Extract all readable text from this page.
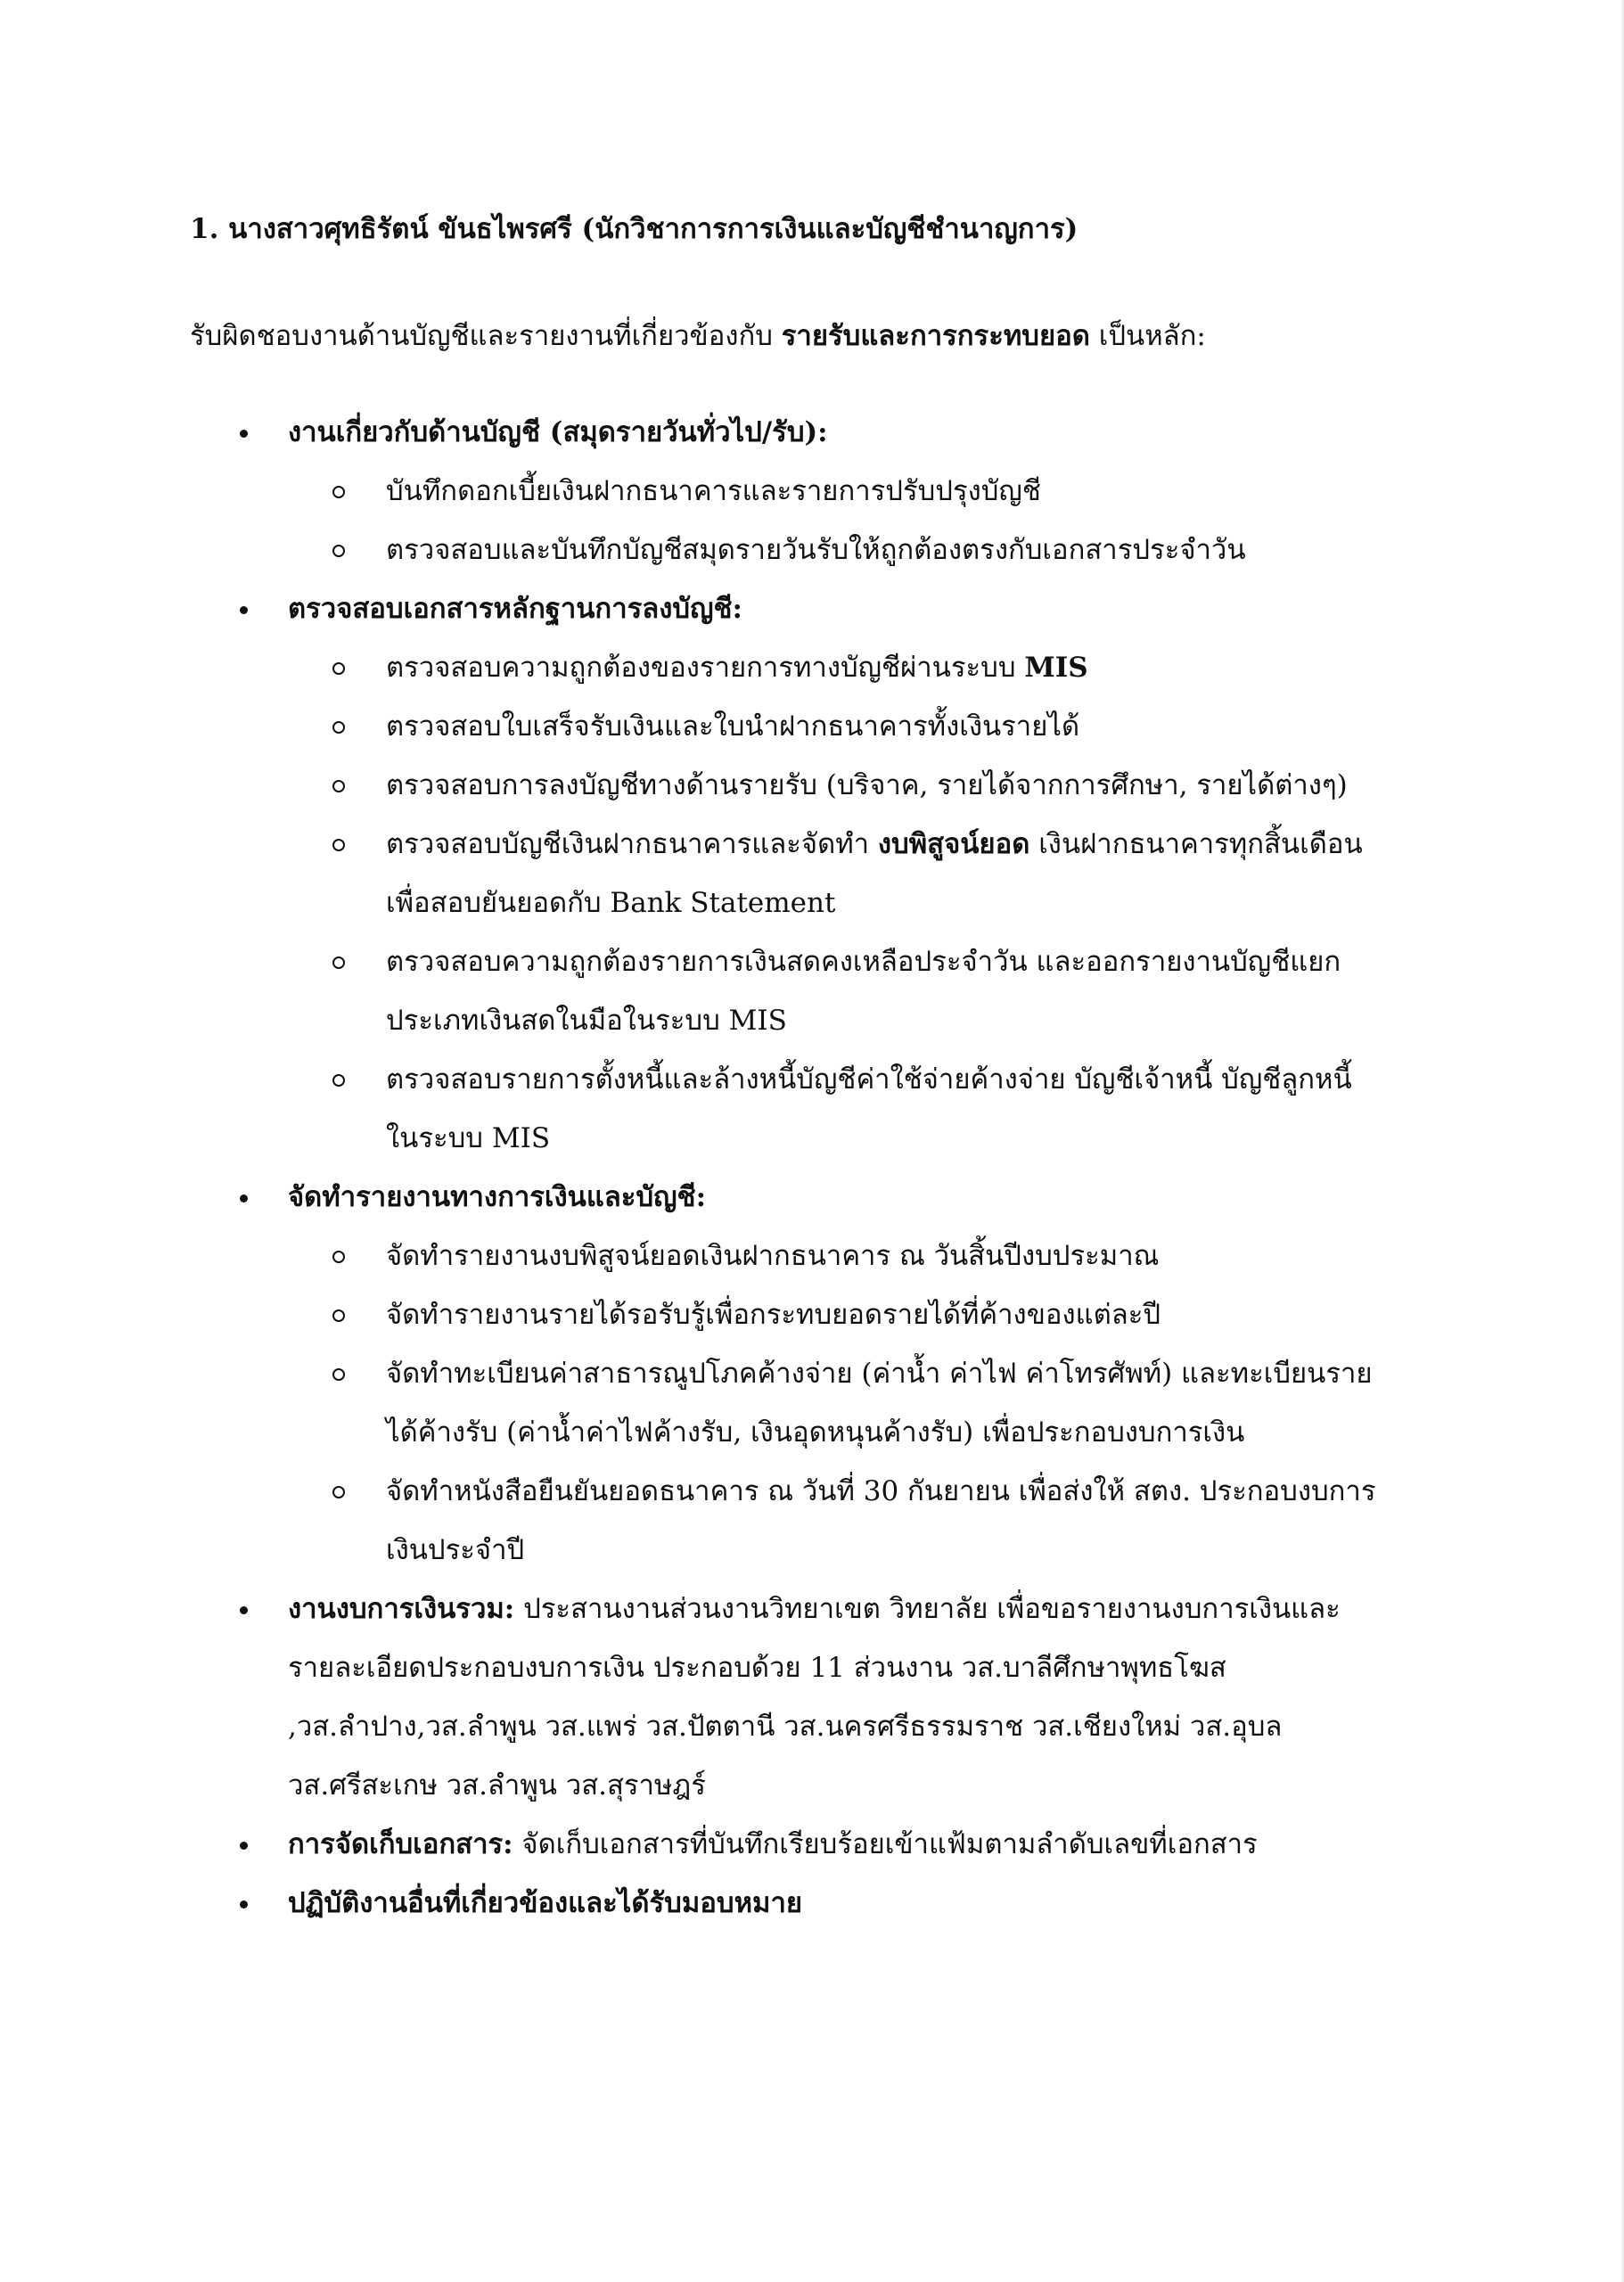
1. นางสาวศุทธิรัตน์ ขันธไพรศรี (นักวิชาการการเงินและบัญชีชำนาญการ)

รับผิดชอบงานด้านบัญชีและรายงานที่เกี่ยวข้องกับ รายรับและการกระทบยอด เป็นหลัก:

งานเกี่ยวกับด้านบัญชี (สมุดรายวันทั่วไป/รับ):
บันทึกดอกเบี้ยเงินฝากธนาคารและรายการปรับปรุงบัญชี
ตรวจสอบและบันทึกบัญชีสมุดรายวันรับให้ถูกต้องตรงกับเอกสารประจำวัน
ตรวจสอบเอกสารหลักฐานการลงบัญชี:
ตรวจสอบความถูกต้องของรายการทางบัญชีผ่านระบบ MIS
ตรวจสอบใบเสร็จรับเงินและใบนำฝากธนาคารทั้งเงินรายได้
ตรวจสอบการลงบัญชีทางด้านรายรับ (บริจาค, รายได้จากการศึกษา, รายได้ต่างๆ)
ตรวจสอบบัญชีเงินฝากธนาคารและจัดทำ งบพิสูจน์ยอด เงินฝากธนาคารทุกสิ้นเดือน เพื่อสอบยันยอดกับ Bank Statement
ตรวจสอบความถูกต้องรายการเงินสดคงเหลือประจำวัน และออกรายงานบัญชีแยกประเภทเงินสดในมือในระบบ MIS
ตรวจสอบรายการตั้งหนี้และล้างหนี้บัญชีค่าใช้จ่ายค้างจ่าย บัญชีเจ้าหนี้ บัญชีลูกหนี้ ในระบบ MIS
จัดทำรายงานทางการเงินและบัญชี:
จัดทำรายงานงบพิสูจน์ยอดเงินฝากธนาคาร ณ วันสิ้นปีงบประมาณ
จัดทำรายงานรายได้รอรับรู้เพื่อกระทบยอดรายได้ที่ค้างของแต่ละปี
จัดทำทะเบียนค่าสาธารณูปโภคค้างจ่าย (ค่าน้ำ ค่าไฟ ค่าโทรศัพท์) และทะเบียนรายได้ค้างรับ (ค่าน้ำค่าไฟค้างรับ, เงินอุดหนุนค้างรับ) เพื่อประกอบงบการเงิน
จัดทำหนังสือยืนยันยอดธนาคาร ณ วันที่ 30 กันยายน เพื่อส่งให้ สตง. ประกอบงบการเงินประจำปี
งานงบการเงินรวม: ประสานงานส่วนงานวิทยาเขต วิทยาลัย เพื่อขอรายงานงบการเงินและรายละเอียดประกอบงบการเงิน ประกอบด้วย 11 ส่วนงาน วส.บาลีศึกษาพุทธโฆส ,วส.ลำปาง,วส.ลำพูน วส.แพร่ วส.ปัตตานี วส.นครศรีธรรมราช วส.เชียงใหม่ วส.อุบล วส.ศรีสะเกษ วส.ลำพูน วส.สุราษฎร์
การจัดเก็บเอกสาร: จัดเก็บเอกสารที่บันทึกเรียบร้อยเข้าแฟ้มตามลำดับเลขที่เอกสาร
ปฏิบัติงานอื่นที่เกี่ยวข้องและได้รับมอบหมาย
